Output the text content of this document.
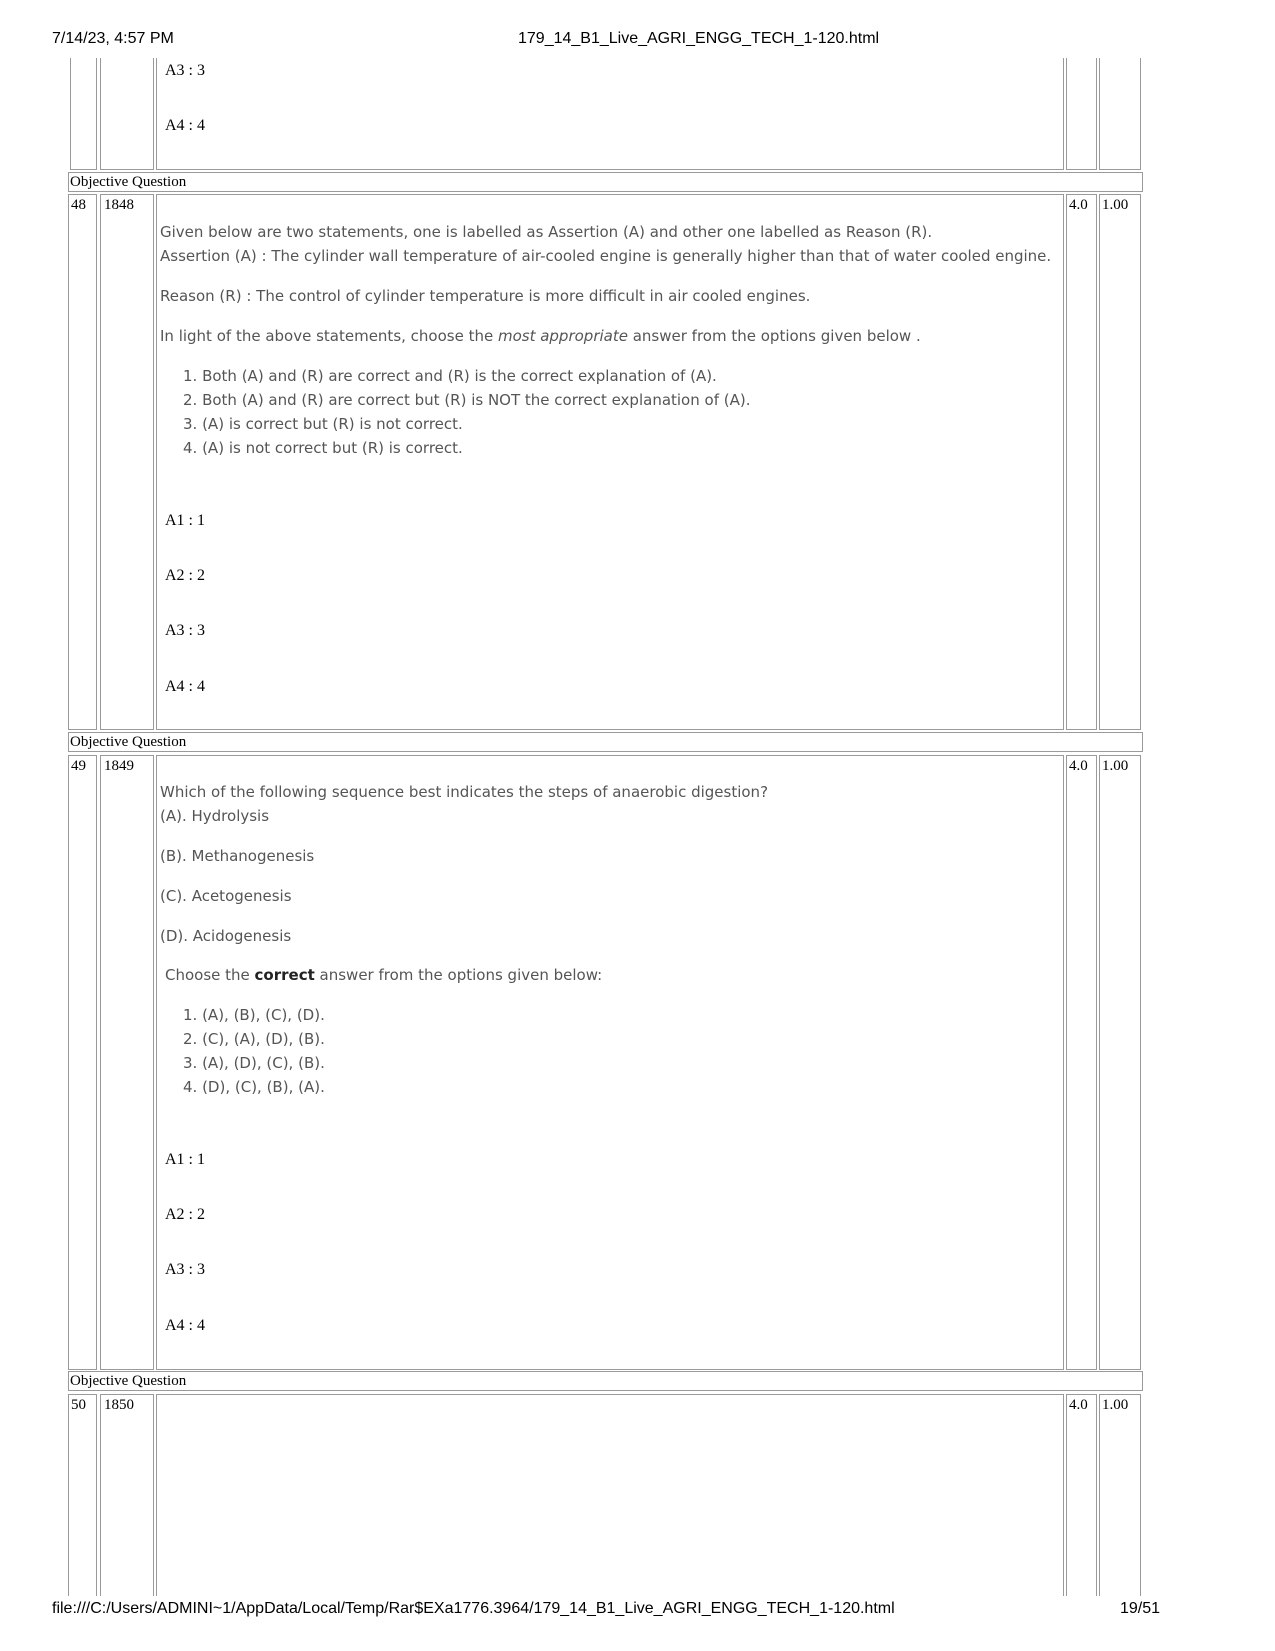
7/14/23, 4:57 PM	179_14_B1_Live_AGRI_ENGG_TECH_1-120.html
A3 : 3
A4 : 4
Objective Question
48 1848
Given below are two statements, one is labelled as Assertion (A) and other one labelled as Reason (R).
Assertion (A) : The cylinder wall temperature of air-cooled engine is generally higher than that of water cooled engine.
Reason (R) : The control of cylinder temperature is more difficult in air cooled engines.
In light of the above statements, choose the most appropriate answer from the options given below .
1. Both (A) and (R) are correct and (R) is the correct explanation of (A).
2. Both (A) and (R) are correct but (R) is NOT the correct explanation of (A).
3. (A) is correct but (R) is not correct.
4. (A) is not correct but (R) is correct.
A1 : 1
A2 : 2
A3 : 3
A4 : 4
4.0 1.00
Objective Question
49 1849
Which of the following sequence best indicates the steps of anaerobic digestion?
(A). Hydrolysis
(B). Methanogenesis
(C). Acetogenesis
(D). Acidogenesis
Choose the correct answer from the options given below:
1. (A), (B), (C), (D).
2. (C), (A), (D), (B).
3. (A), (D), (C), (B).
4. (D), (C), (B), (A).
A1 : 1
A2 : 2
A3 : 3
A4 : 4
4.0 1.00
Objective Question
50 1850	4.0 1.00
file:///C:/Users/ADMINI~1/AppData/Local/Temp/Rar$EXa1776.3964/179_14_B1_Live_AGRI_ENGG_TECH_1-120.html	19/51
